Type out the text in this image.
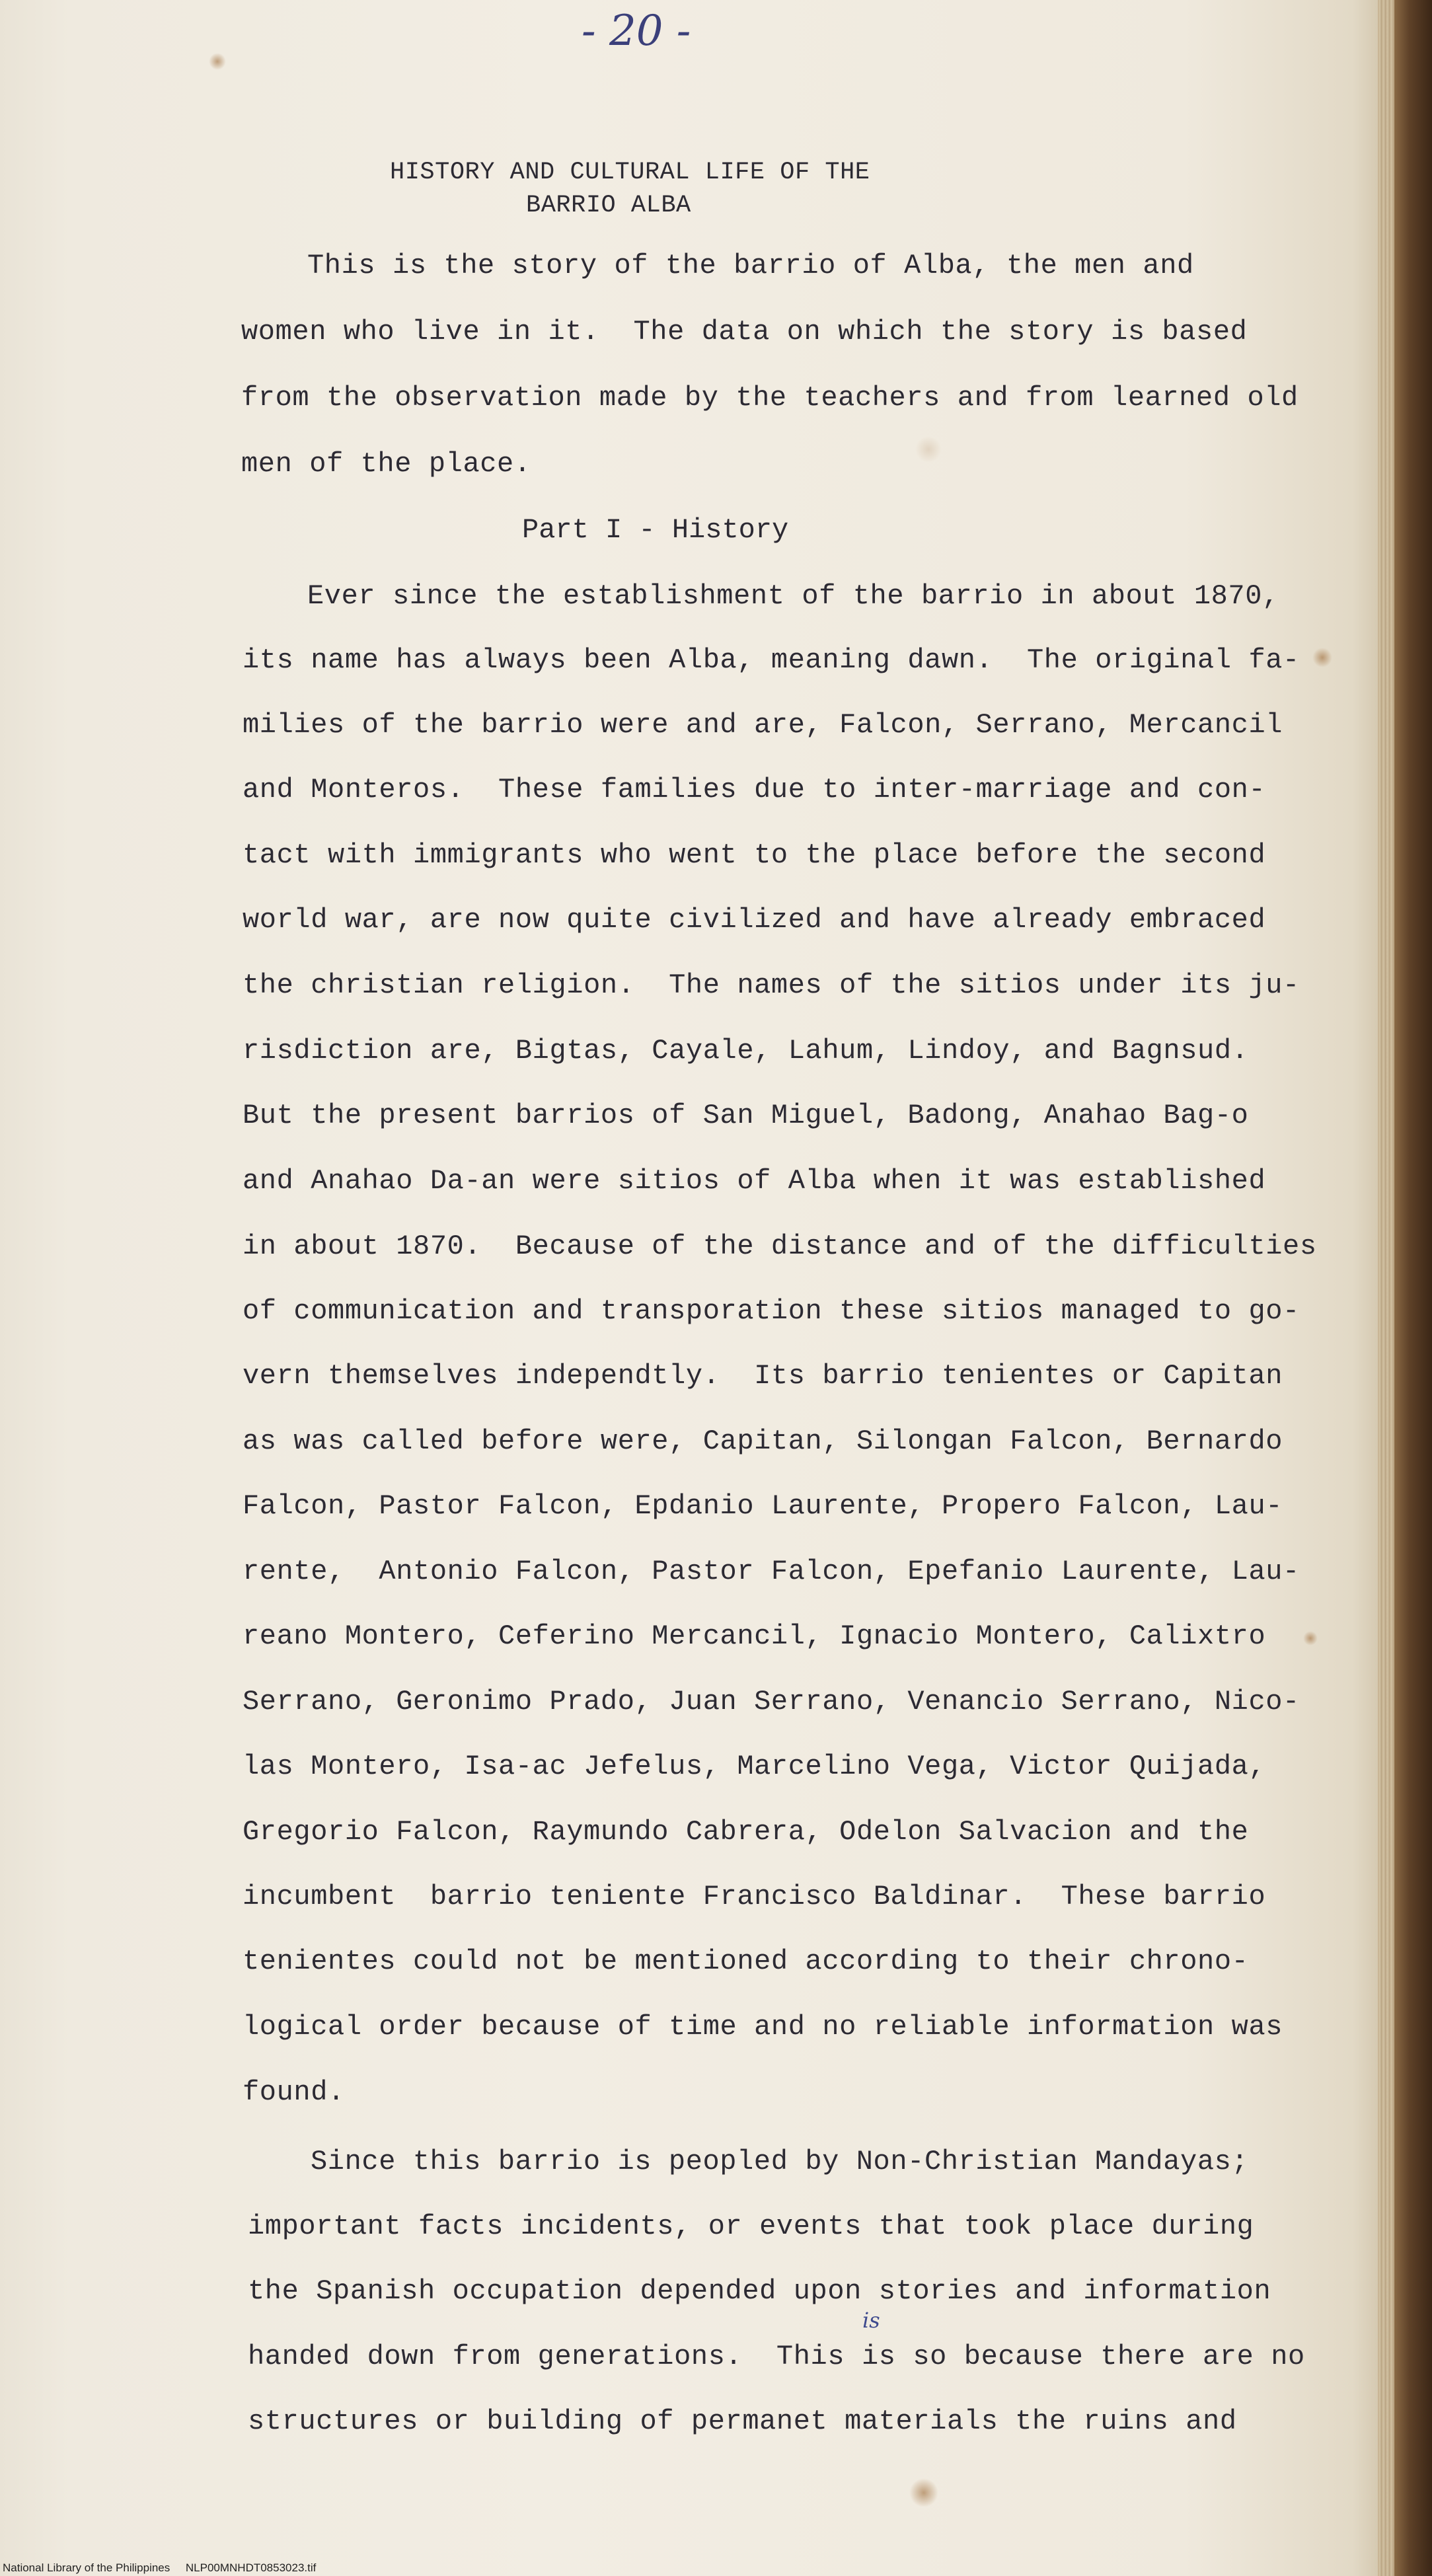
- 20 -
HISTORY AND CULTURAL LIFE OF THE
BARRIO ALBA
This is the story of the barrio of Alba, the men and
women who live in it.  The data on which the story is based
from the observation made by the teachers and from learned old
men of the place.
Part I - History
Ever since the establishment of the barrio in about 1870,
its name has always been Alba, meaning dawn.  The original fa-
milies of the barrio were and are, Falcon, Serrano, Mercancil
and Monteros.  These families due to inter-marriage and con-
tact with immigrants who went to the place before the second
world war, are now quite civilized and have already embraced
the christian religion.  The names of the sitios under its ju-
risdiction are, Bigtas, Cayale, Lahum, Lindoy, and Bagnsud.
But the present barrios of San Miguel, Badong, Anahao Bag-o
and Anahao Da-an were sitios of Alba when it was established
in about 1870.  Because of the distance and of the difficulties
of communication and transporation these sitios managed to go-
vern themselves independtly.  Its barrio tenientes or Capitan
as was called before were, Capitan, Silongan Falcon, Bernardo
Falcon, Pastor Falcon, Epdanio Laurente, Propero Falcon, Lau-
rente,  Antonio Falcon, Pastor Falcon, Epefanio Laurente, Lau-
reano Montero, Ceferino Mercancil, Ignacio Montero, Calixtro
Serrano, Geronimo Prado, Juan Serrano, Venancio Serrano, Nico-
las Montero, Isa-ac Jefelus, Marcelino Vega, Victor Quijada,
Gregorio Falcon, Raymundo Cabrera, Odelon Salvacion and the
incumbent  barrio teniente Francisco Baldinar.  These barrio
tenientes could not be mentioned according to their chrono-
logical order because of time and no reliable information was
found.
Since this barrio is peopled by Non-Christian Mandayas;
important facts incidents, or events that took place during
the Spanish occupation depended upon stories and information
handed down from generations.  This is so because there are no
structures or building of permanet materials the ruins and
is
National Library of the Philippines     NLP00MNHDT0853023.tif
